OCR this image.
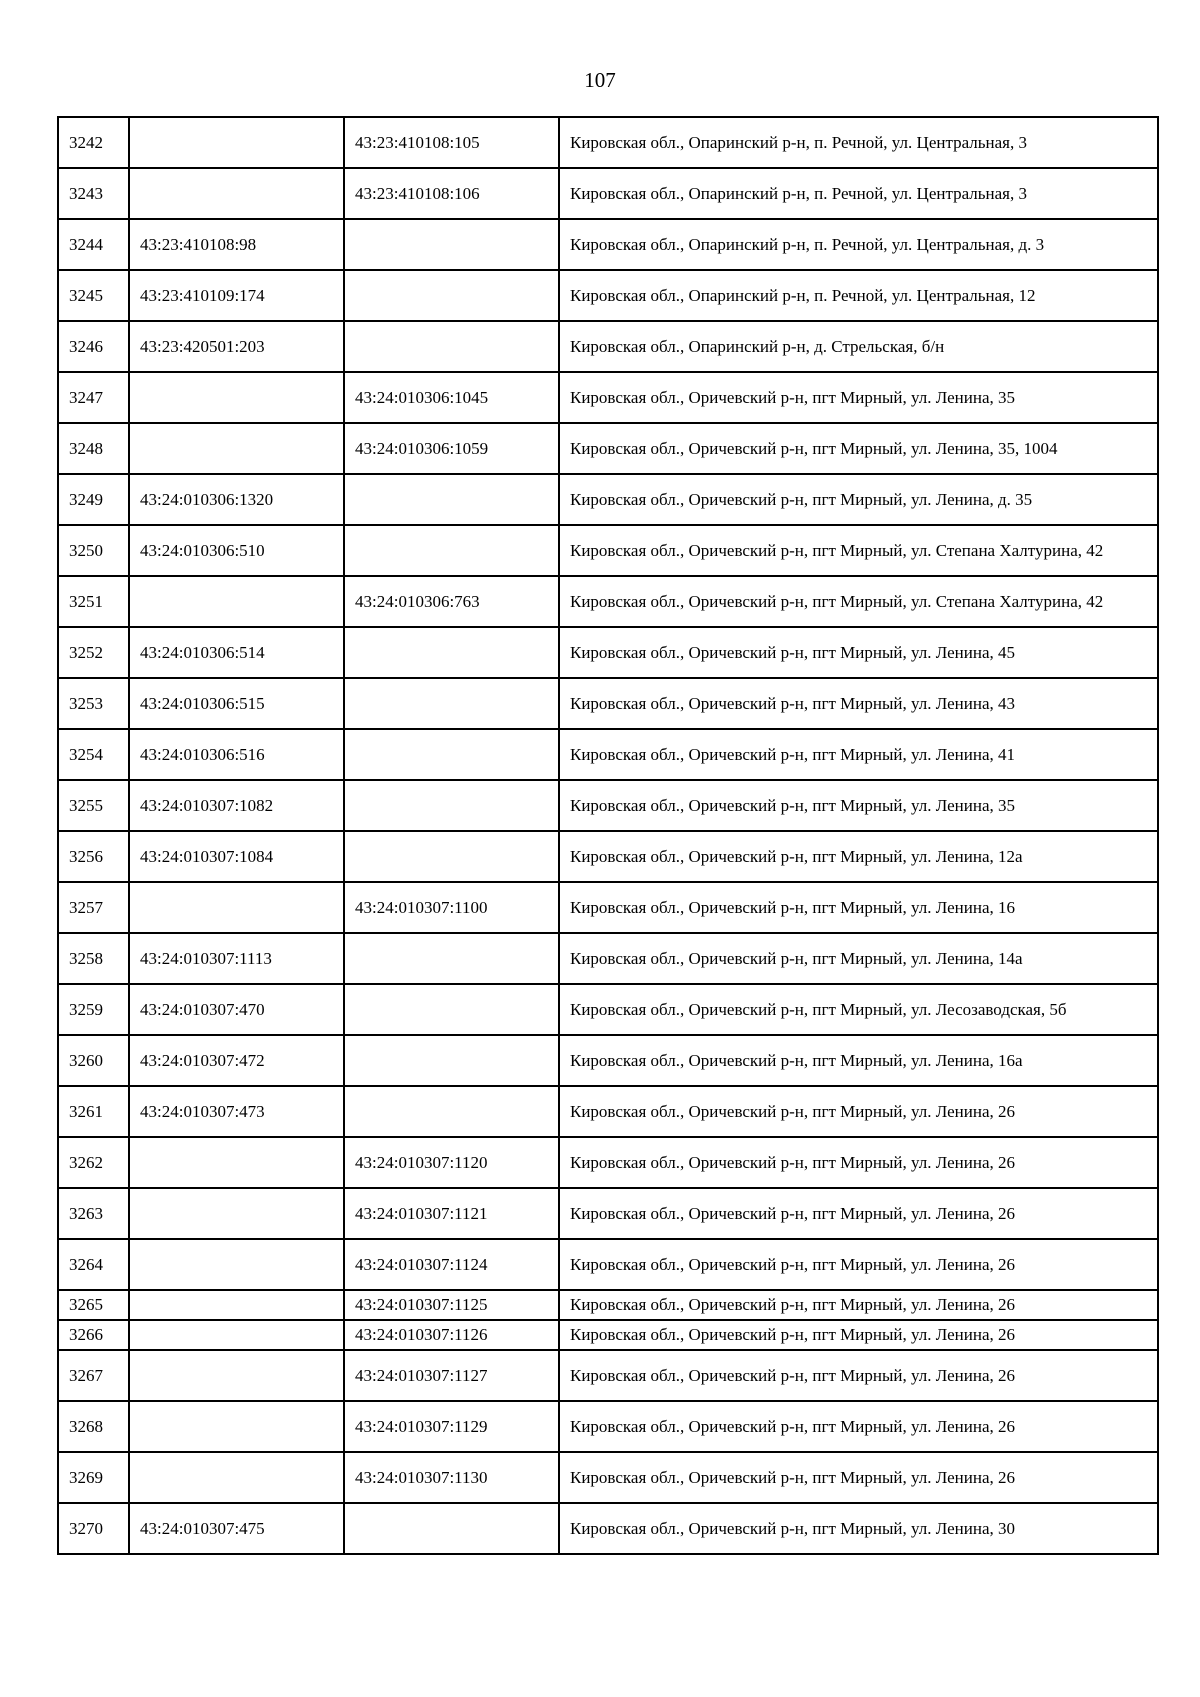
107
3242		43:23:410108:105	Кировская обл., Опаринский р-н, п. Речной, ул. Центральная, 3
3243		43:23:410108:106	Кировская обл., Опаринский р-н, п. Речной, ул. Центральная, 3
3244	43:23:410108:98		Кировская обл., Опаринский р-н, п. Речной, ул. Центральная, д. 3
3245	43:23:410109:174		Кировская обл., Опаринский р-н, п. Речной, ул. Центральная, 12
3246	43:23:420501:203		Кировская обл., Опаринский р-н, д. Стрельская, б/н
3247		43:24:010306:1045	Кировская обл., Оричевский р-н, пгт Мирный, ул. Ленина, 35
3248		43:24:010306:1059	Кировская обл., Оричевский р-н, пгт Мирный, ул. Ленина, 35, 1004
3249	43:24:010306:1320		Кировская обл., Оричевский р-н, пгт Мирный, ул. Ленина, д. 35
3250	43:24:010306:510		Кировская обл., Оричевский р-н, пгт Мирный, ул. Степана Халтурина, 42
3251		43:24:010306:763	Кировская обл., Оричевский р-н, пгт Мирный, ул. Степана Халтурина, 42
3252	43:24:010306:514		Кировская обл., Оричевский р-н, пгт Мирный, ул. Ленина, 45
3253	43:24:010306:515		Кировская обл., Оричевский р-н, пгт Мирный, ул. Ленина, 43
3254	43:24:010306:516		Кировская обл., Оричевский р-н, пгт Мирный, ул. Ленина, 41
3255	43:24:010307:1082		Кировская обл., Оричевский р-н, пгт Мирный, ул. Ленина, 35
3256	43:24:010307:1084		Кировская обл., Оричевский р-н, пгт Мирный, ул. Ленина, 12а
3257		43:24:010307:1100	Кировская обл., Оричевский р-н, пгт Мирный, ул. Ленина, 16
3258	43:24:010307:1113		Кировская обл., Оричевский р-н, пгт Мирный, ул. Ленина, 14а
3259	43:24:010307:470		Кировская обл., Оричевский р-н, пгт Мирный, ул. Лесозаводская, 5б
3260	43:24:010307:472		Кировская обл., Оричевский р-н, пгт Мирный, ул. Ленина, 16а
3261	43:24:010307:473		Кировская обл., Оричевский р-н, пгт Мирный, ул. Ленина, 26
3262		43:24:010307:1120	Кировская обл., Оричевский р-н, пгт Мирный, ул. Ленина, 26
3263		43:24:010307:1121	Кировская обл., Оричевский р-н, пгт Мирный, ул. Ленина, 26
3264		43:24:010307:1124	Кировская обл., Оричевский р-н, пгт Мирный, ул. Ленина, 26
3265		43:24:010307:1125	Кировская обл., Оричевский р-н, пгт Мирный, ул. Ленина, 26
3266		43:24:010307:1126	Кировская обл., Оричевский р-н, пгт Мирный, ул. Ленина, 26
3267		43:24:010307:1127	Кировская обл., Оричевский р-н, пгт Мирный, ул. Ленина, 26
3268		43:24:010307:1129	Кировская обл., Оричевский р-н, пгт Мирный, ул. Ленина, 26
3269		43:24:010307:1130	Кировская обл., Оричевский р-н, пгт Мирный, ул. Ленина, 26
3270	43:24:010307:475		Кировская обл., Оричевский р-н, пгт Мирный, ул. Ленина, 30
